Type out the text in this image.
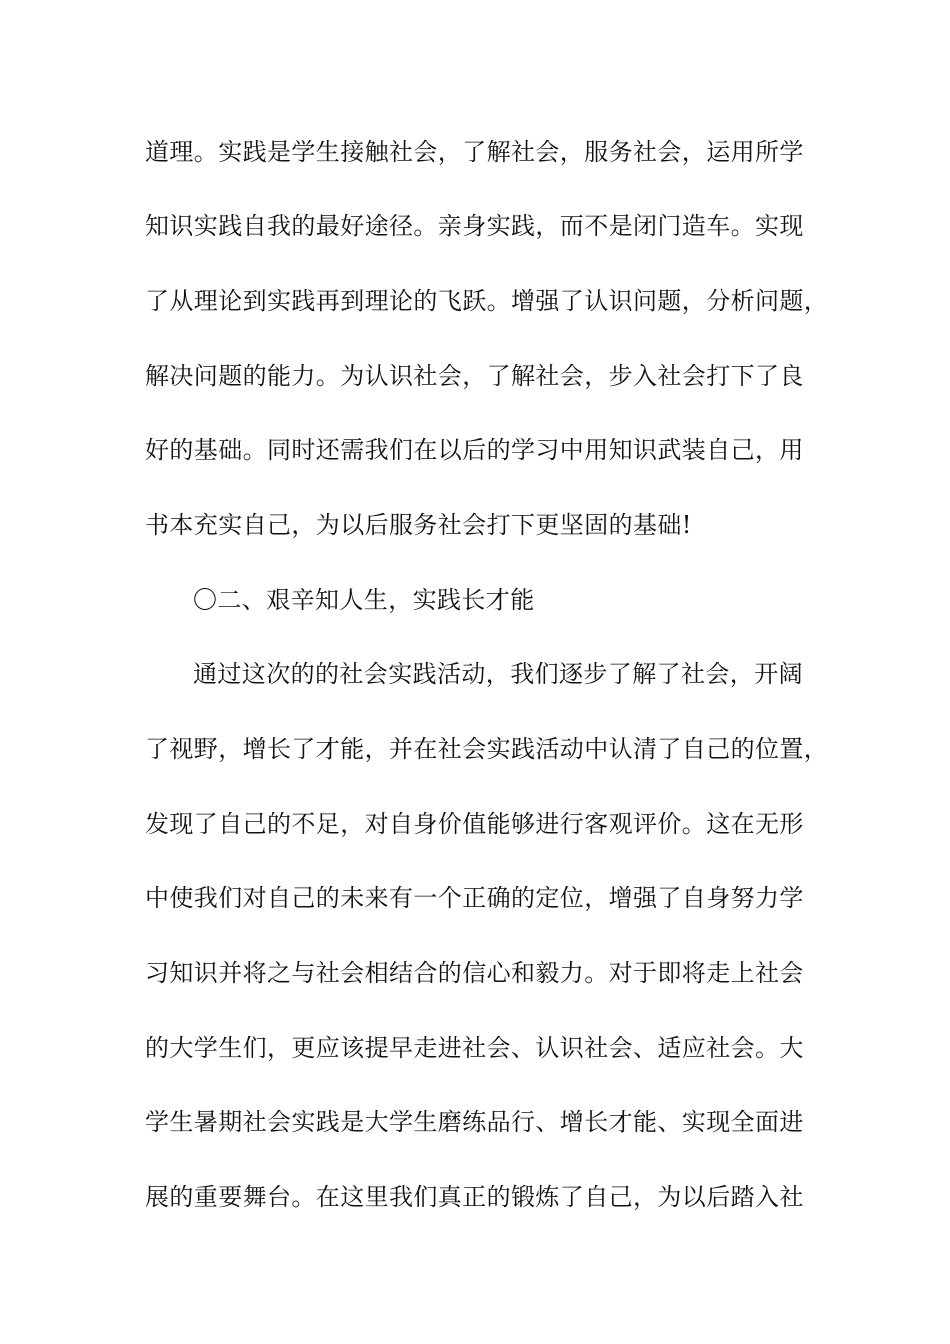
道理。实践是学生接触社会，了解社会，服务社会，运用所学
知识实践自我的最好途径。亲身实践，而不是闭门造车。实现
了从理论到实践再到理论的飞跃。增强了认识问题，分析问题，
解决问题的能力。为认识社会，了解社会，步入社会打下了良
好的基础。同时还需我们在以后的学习中用知识武装自己，用
书本充实自己，为以后服务社会打下更坚固的基础!
〇二、艰辛知人生，实践长才能
通过这次的的社会实践活动，我们逐步了解了社会，开阔
了视野，增长了才能，并在社会实践活动中认清了自己的位置，
发现了自己的不足，对自身价值能够进行客观评价。这在无形
中使我们对自己的未来有一个正确的定位，增强了自身努力学
习知识并将之与社会相结合的信心和毅力。对于即将走上社会
的大学生们，更应该提早走进社会、认识社会、适应社会。大
学生暑期社会实践是大学生磨练品行、增长才能、实现全面进
展的重要舞台。在这里我们真正的锻炼了自己，为以后踏入社
